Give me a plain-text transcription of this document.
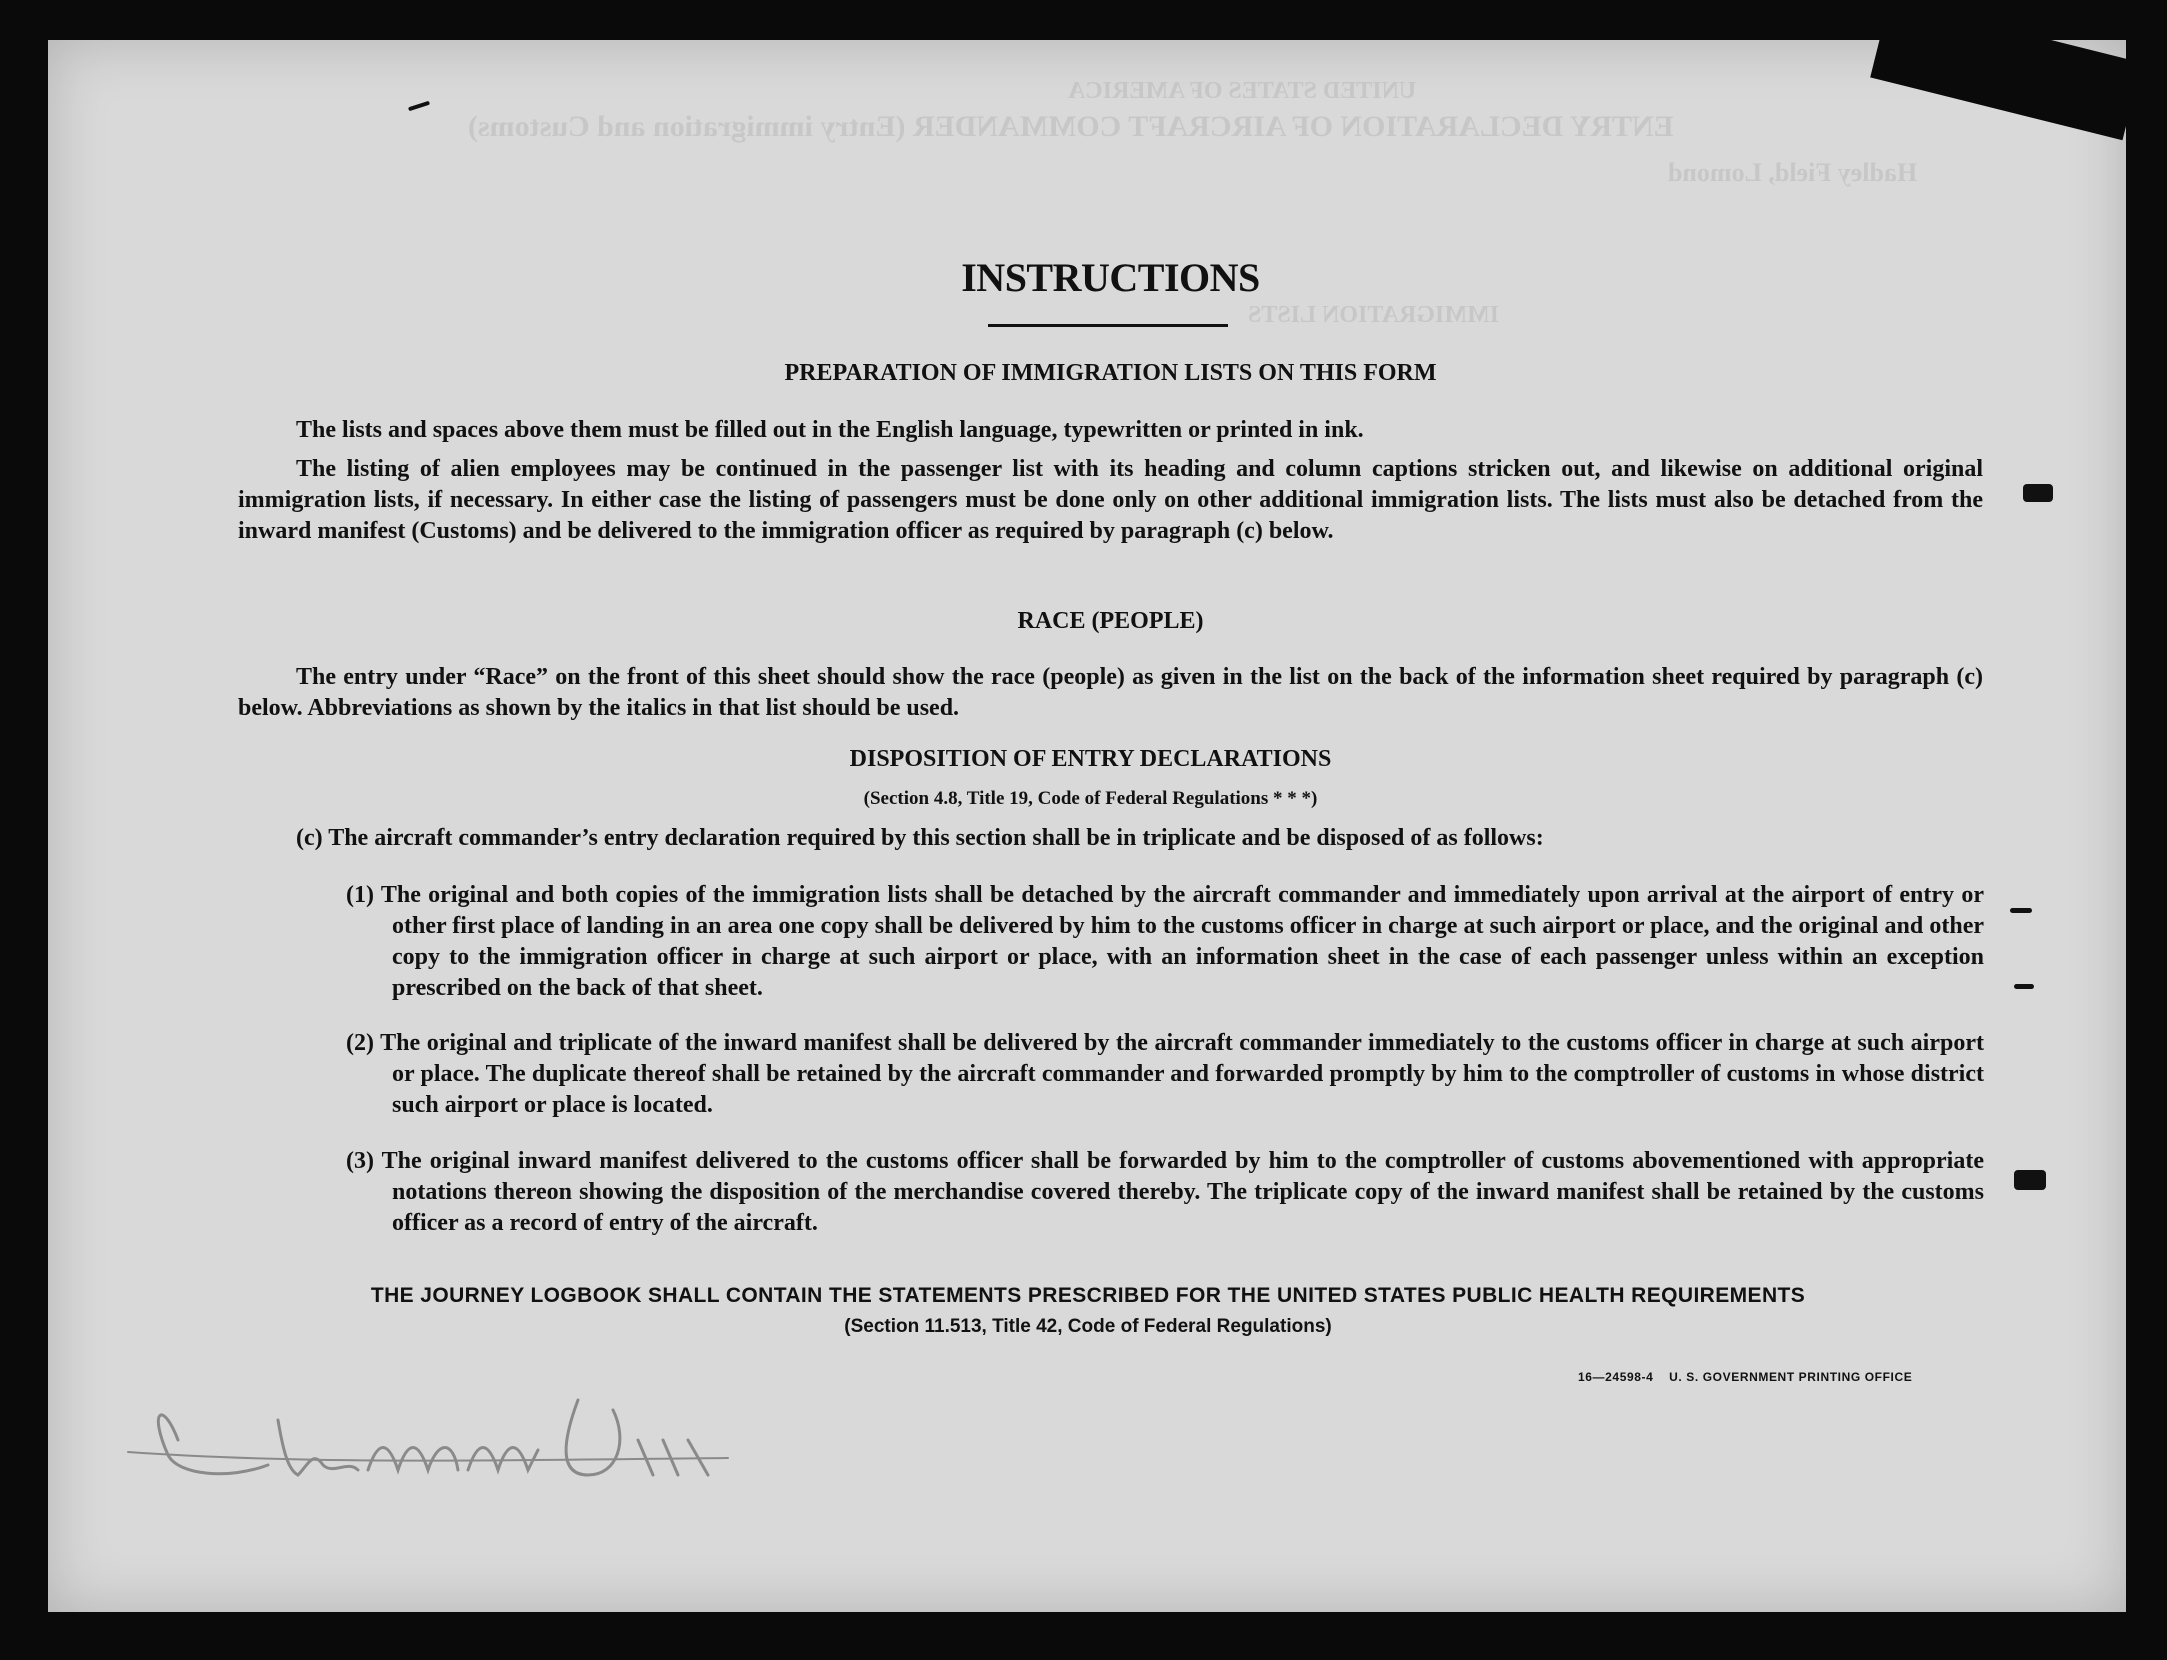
UNITED STATES OF AMERICA
ENTRY DECLARATION OF AIRCRAFT COMMANDER (Entry immigration and Customs)
Hadley Field, Lomond
IMMIGRATION LISTS
INSTRUCTIONS
PREPARATION OF IMMIGRATION LISTS ON THIS FORM
The lists and spaces above them must be filled out in the English language, typewritten or printed in ink.
The listing of alien employees may be continued in the passenger list with its heading and column captions stricken out, and likewise on additional original immigration lists, if necessary. In either case the listing of passengers must be done only on other additional immigration lists. The lists must also be detached from the inward manifest (Customs) and be delivered to the immigration officer as required by paragraph (c) below.
RACE (PEOPLE)
The entry under “Race” on the front of this sheet should show the race (people) as given in the list on the back of the information sheet required by paragraph (c) below. Abbreviations as shown by the italics in that list should be used.
DISPOSITION OF ENTRY DECLARATIONS
(Section 4.8, Title 19, Code of Federal Regulations * * *)
(c) The aircraft commander’s entry declaration required by this section shall be in triplicate and be disposed of as follows:
(1) The original and both copies of the immigration lists shall be detached by the aircraft commander and immediately upon arrival at the airport of entry or other first place of landing in an area one copy shall be delivered by him to the customs officer in charge at such airport or place, and the original and other copy to the immigration officer in charge at such airport or place, with an information sheet in the case of each passenger unless within an exception prescribed on the back of that sheet.
(2) The original and triplicate of the inward manifest shall be delivered by the aircraft commander immediately to the customs officer in charge at such airport or place. The duplicate thereof shall be retained by the aircraft commander and forwarded promptly by him to the comptroller of customs in whose district such airport or place is located.
(3) The original inward manifest delivered to the customs officer shall be forwarded by him to the comptroller of customs abovementioned with appropriate notations thereon showing the disposition of the merchandise covered thereby. The triplicate copy of the inward manifest shall be retained by the customs officer as a record of entry of the aircraft.
THE JOURNEY LOGBOOK SHALL CONTAIN THE STATEMENTS PRESCRIBED FOR THE UNITED STATES PUBLIC HEALTH REQUIREMENTS
(Section 11.513, Title 42, Code of Federal Regulations)
16—24598-4 U. S. GOVERNMENT PRINTING OFFICE
